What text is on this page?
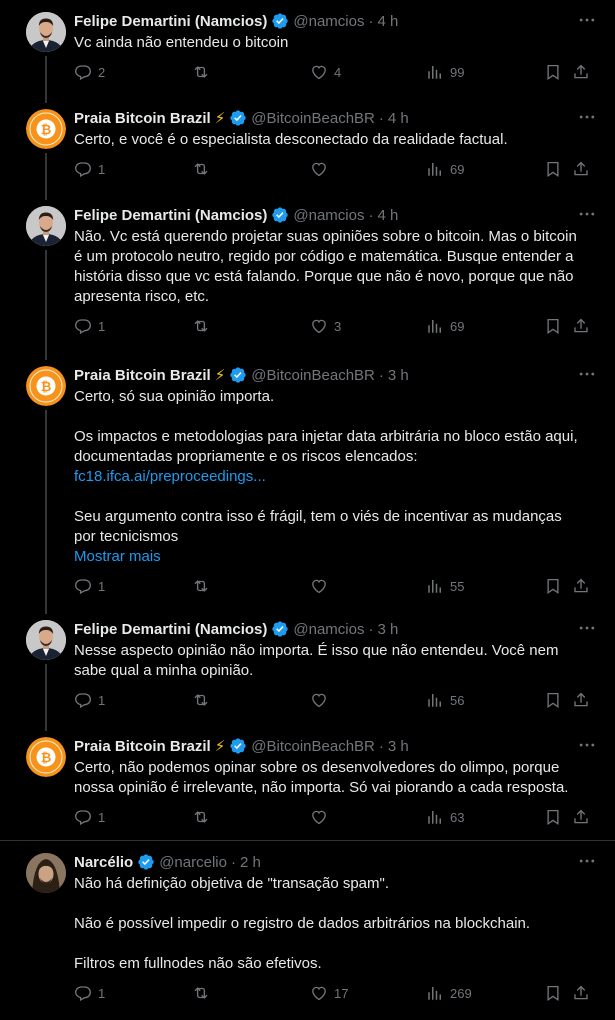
Felipe Demartini (Namcios) @namcios · 4 h
Vc ainda não entendeu o bitcoin
2	4	99
Praia Bitcoin Brazil ⚡ @BitcoinBeachBR · 4 h
Certo, e você é o especialista desconectado da realidade factual.
1	69
Felipe Demartini (Namcios) @namcios · 4 h
Não. Vc está querendo projetar suas opiniões sobre o bitcoin. Mas o bitcoin é um protocolo neutro, regido por código e matemática. Busque entender a história disso que vc está falando. Porque que não é novo, porque que não apresenta risco, etc.
1	3	69
Praia Bitcoin Brazil ⚡ @BitcoinBeachBR · 3 h
Certo, só sua opinião importa.

Os impactos e metodologias para injetar data arbitrária no bloco estão aqui, documentadas propriamente e os riscos elencados:
fc18.ifca.ai/preproceedings...

Seu argumento contra isso é frágil, tem o viés de incentivar as mudanças por tecnicismos
Mostrar mais
1	55
Felipe Demartini (Namcios) @namcios · 3 h
Nesse aspecto opinião não importa. É isso que não entendeu. Você nem sabe qual a minha opinião.
1	56
Praia Bitcoin Brazil ⚡ @BitcoinBeachBR · 3 h
Certo, não podemos opinar sobre os desenvolvedores do olimpo, porque nossa opinião é irrelevante, não importa. Só vai piorando a cada resposta.
1	63
Narcélio @narcelio · 2 h
Não há definição objetiva de "transação spam".

Não é possível impedir o registro de dados arbitrários na blockchain.

Filtros em fullnodes não são efetivos.
1	17	269
